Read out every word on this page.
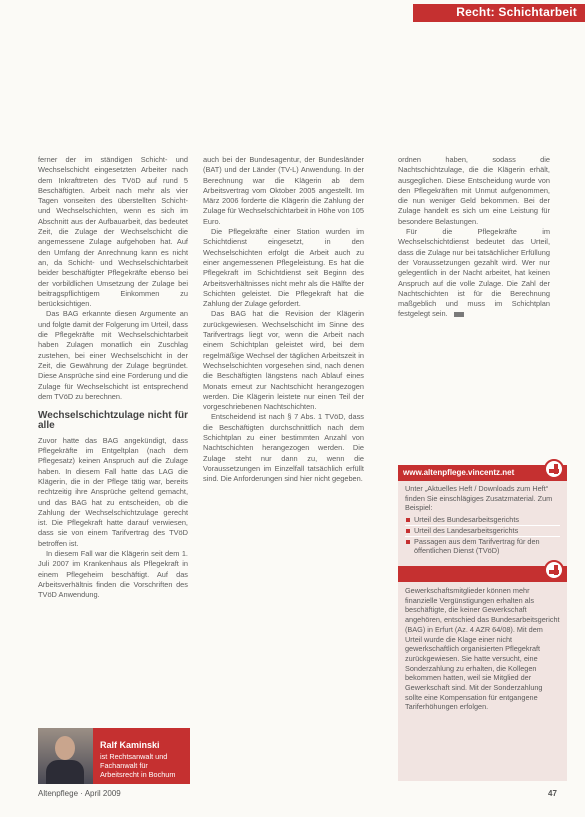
Recht: Schichtarbeit

ferner der im ständigen Schicht- und Wechselschicht eingesetzten Arbeiter nach dem Inkrafttreten des TVöD auf rund 5 Beschäftigten. Arbeit nach mehr als vier Tagen vonseiten des überstellten Schicht- und Wechselschichten, wenn es sich im Abschnitt aus der Aufbauarbeit, das bedeutet Zeit, die Zulage der Wechselschicht die angemessene Zulage aufgehoben hat. Auf den Umfang der Anrechnung kann es nicht an, da Schicht- und Wechselschichtarbeit beider beschäftigter Pflegekräfte ebenso bei der vorbildlichen Umsetzung der Zulage bei beitragspflichtigem Einkommen zu berücksichtigen.

Das BAG erkannte diesen Argumente an und folgte damit der Folgerung im Urteil, dass die Pflegekräfte mit Wechselschichtarbeit haben Zulagen monatlich ein Zuschlag zustehen, bei einer Wechselschicht in der Zeit, die Gewährung der Zulage begründet. Diese Ansprüche sind eine Forderung und die Zulage für Wechselschicht ist entsprechend dem TVöD zu berechnen.

Wechselschichtzulage nicht für alle

Zuvor hatte das BAG angekündigt, dass Pflegekräfte im Entgeltplan (nach dem Pflegesatz) keinen Anspruch auf die Zulage haben. In diesem Fall hatte das LAG die Klägerin, die in der Pflege tätig war, bereits rechtzeitig ihre Ansprüche geltend gemacht, und das BAG hat zu entscheiden, ob die Zahlung der Wechselschichtzulage gerecht ist. Die Pflegekraft hatte darauf verwiesen, dass sie von einem Tarifvertrag des TVöD betroffen ist.

In diesem Fall war die Klägerin seit dem 1. Juli 2007 im Krankenhaus als Pflegekraft in einem Pflegeheim beschäftigt. Auf das Arbeitsverhältnis finden die Vorschriften des TVöD Anwendung.

auch bei der Bundesagentur, der Bundesländer (BAT) und der Länder (TV-L) Anwendung. In der Berechnung war die Klägerin ab dem Arbeitsvertrag vom Oktober 2005 angestellt. Im März 2006 forderte die Klägerin die Zahlung der Zulage für Wechselschichtarbeit in Höhe von 105 Euro.

Die Pflegekräfte einer Station wurden im Schichtdienst eingesetzt, in den Wechselschichten erfolgt die Arbeit auch zu einer angemessenen Pflegeleistung. Es hat die Pflegekraft im Schichtdienst seit Beginn des Arbeitsverhältnisses nicht mehr als die Hälfte der Schichten geleistet. Die Pflegekraft hat die Zahlung der Zulage gefordert.

Das BAG hat die Revision der Klägerin zurückgewiesen. Wechselschicht im Sinne des Tarifvertrags liegt vor, wenn die Arbeit nach einem Schichtplan geleistet wird, bei dem regelmäßige Wechsel der täglichen Arbeitszeit in Wechselschichten vorgesehen sind, nach denen die Beschäftigten längstens nach Ablauf eines Monats erneut zur Nachtschicht herangezogen werden. Die Klägerin leistete nur einen Teil der vorgeschriebenen Nachtschichten.

Entscheidend ist nach § 7 Abs. 1 TVöD, dass die Beschäftigten durchschnittlich nach dem Schichtplan zu einer bestimmten Anzahl von Nachtschichten herangezogen werden. Die Zulage steht nur dann zu, wenn die Voraussetzungen im Einzelfall tatsächlich erfüllt sind. Die Anforderungen sind hier nicht gegeben.

ordnen haben, sodass die Nachtschichtzulage, die die Klägerin erhält, ausgeglichen. Diese Entscheidung wurde von den Pflegekräften mit Unmut aufgenommen, die nun weniger Geld bekommen. Bei der Zulage handelt es sich um eine Leistung für besondere Belastungen.

Für die Pflegekräfte im Wechselschichtdienst bedeutet das Urteil, dass die Zulage nur bei tatsächlicher Erfüllung der Voraussetzungen gezahlt wird. Wer nur gelegentlich in der Nacht arbeitet, hat keinen Anspruch auf die volle Zulage. Die Zahl der Nachtschichten ist für die Berechnung maßgeblich und muss im Schichtplan festgelegt sein.

www.altenpflege.vincentz.net
Unter „Aktuelles Heft / Downloads zum Heft“ finden Sie einschlägiges Zusatzmaterial. Zum Beispiel:
Urteil des Bundesarbeitsgerichts
Urteil des Landesarbeitsgerichts
Passagen aus dem Tarifvertrag für den öffentlichen Dienst (TVöD)
Gewerkschaftsmitglieder können mehr finanzielle Vergünstigungen erhalten als beschäftigte, die keiner Gewerkschaft angehören, entschied das Bundesarbeitsgericht (BAG) in Erfurt (Az. 4 AZR 64/08). Mit dem Urteil wurde die Klage einer nicht gewerkschaftlich organisierten Pflegekraft zurückgewiesen. Sie hatte versucht, eine Sonderzahlung zu erhalten, die Kollegen bekommen hatten, weil sie Mitglied der Gewerkschaft sind. Mit der Sonderzahlung sollte eine Kompensation für entgangene Tariferhöhungen erfolgen.
Ralf Kaminski
ist Rechtsanwalt und Fachanwalt für Arbeitsrecht in Bochum
Altenpflege · April 2009	47
